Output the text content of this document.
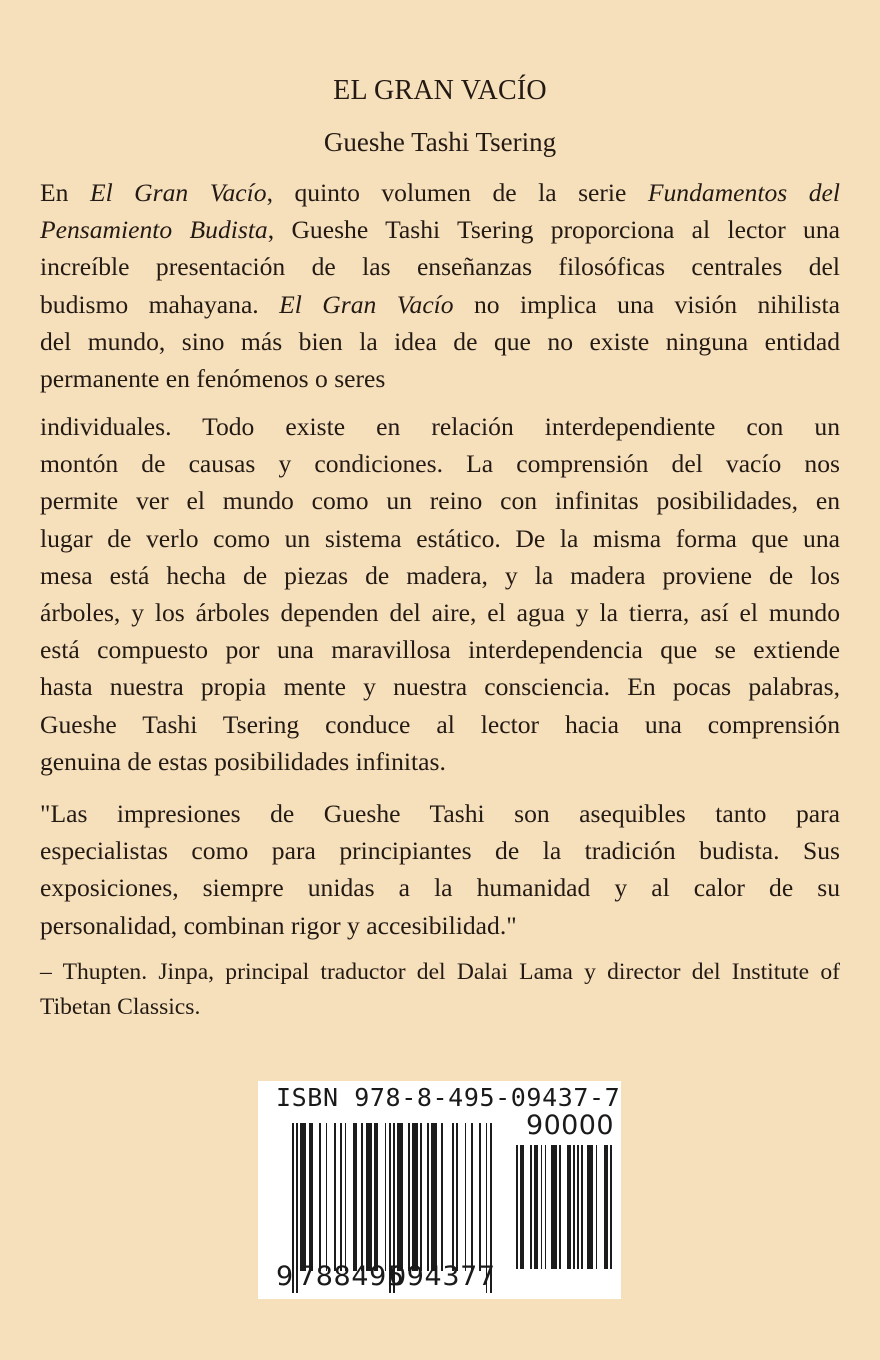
EL GRAN VACÍO
Gueshe Tashi Tsering
En El Gran Vacío, quinto volumen de la serie Fundamentos del
Pensamiento Budista, Gueshe Tashi Tsering proporciona al lector una
increíble presentación de las enseñanzas filosóficas centrales del
budismo mahayana. El Gran Vacío no implica una visión nihilista
del mundo, sino más bien la idea de que no existe ninguna entidad
permanente en fenómenos o seres
individuales. Todo existe en relación interdependiente con un
montón de causas y condiciones. La comprensión del vacío nos
permite ver el mundo como un reino con infinitas posibilidades, en
lugar de verlo como un sistema estático. De la misma forma que una
mesa está hecha de piezas de madera, y la madera proviene de los
árboles, y los árboles dependen del aire, el agua y la tierra, así el mundo
está compuesto por una maravillosa interdependencia que se extiende
hasta nuestra propia mente y nuestra consciencia. En pocas palabras,
Gueshe Tashi Tsering conduce al lector hacia una comprensión
genuina de estas posibilidades infinitas.
"Las impresiones de Gueshe Tashi son asequibles tanto para
especialistas como para principiantes de la tradición budista. Sus
exposiciones, siempre unidas a la humanidad y al calor de su
personalidad, combinan rigor y accesibilidad."
– Thupten. Jinpa, principal traductor del Dalai Lama y director del Institute of
Tibetan Classics.
ISBN 978-8-495-09437-7
90000
9 788495
094377
